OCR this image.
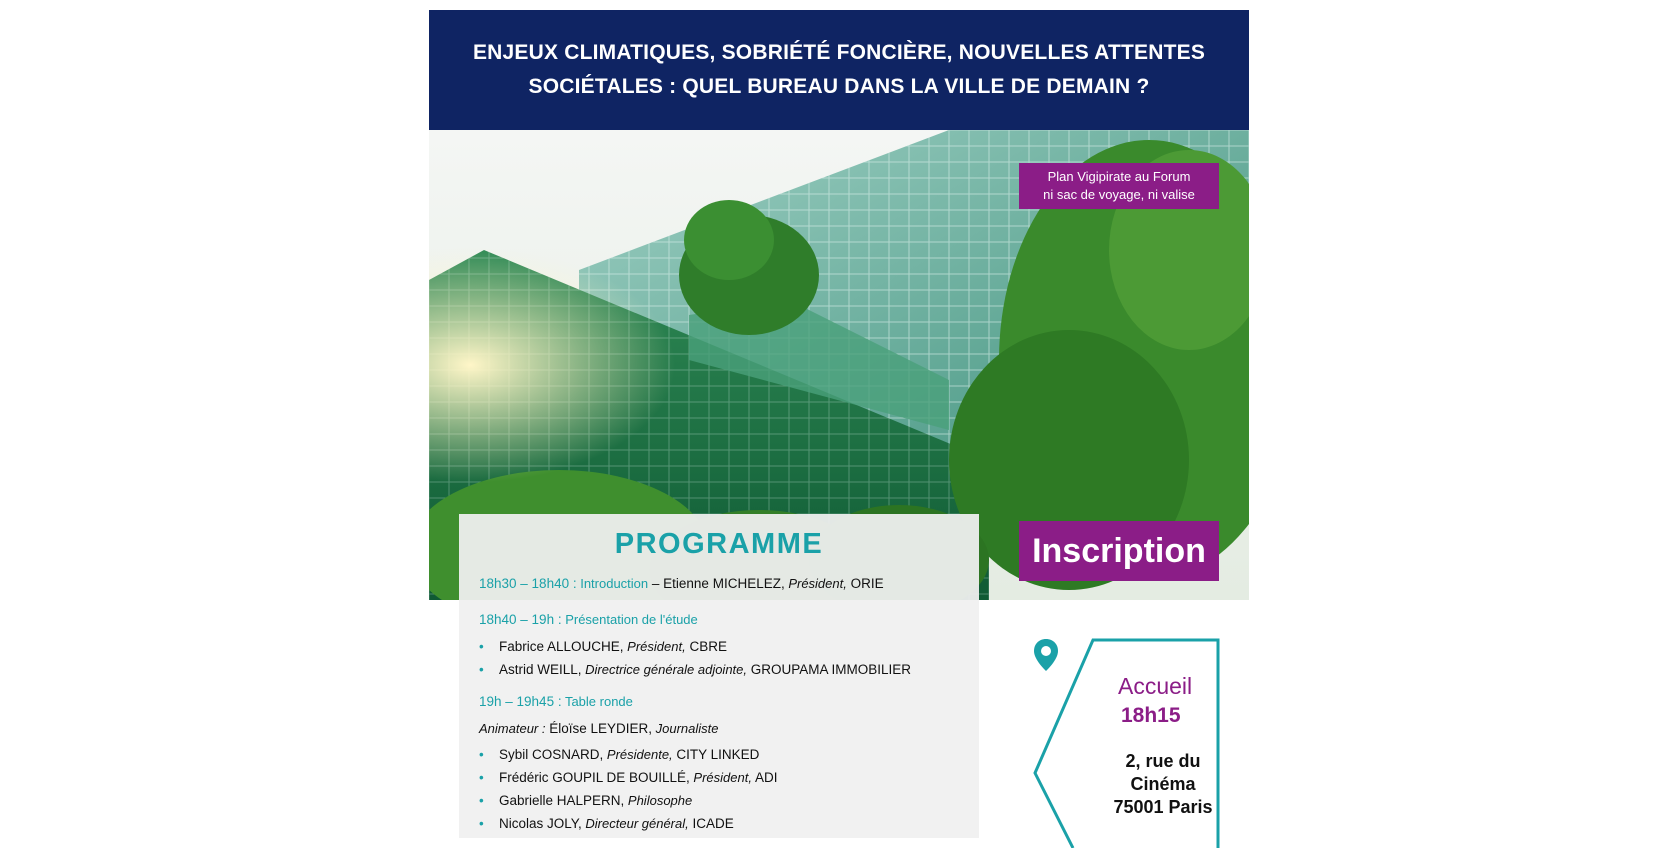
ENJEUX CLIMATIQUES, SOBRIÉTÉ FONCIÈRE, NOUVELLES ATTENTES SOCIÉTALES : QUEL BUREAU DANS LA VILLE DE DEMAIN ?
Plan Vigipirate au Forum
ni sac de voyage, ni valise
Inscription
PROGRAMME
18h30 – 18h40 : Introduction – Etienne MICHELEZ, Président, ORIE
18h40 – 19h : Présentation de l'étude
• Fabrice ALLOUCHE, Président, CBRE
• Astrid WEILL, Directrice générale adjointe, GROUPAMA IMMOBILIER
19h – 19h45 : Table ronde
Animateur : Éloïse LEYDIER, Journaliste
• Sybil COSNARD, Présidente, CITY LINKED
• Frédéric GOUPIL DE BOUILLÉ, Président, ADI
• Gabrielle HALPERN, Philosophe
• Nicolas JOLY, Directeur général, ICADE
Accueil
18h15
2, rue du
Cinéma
75001 Paris
